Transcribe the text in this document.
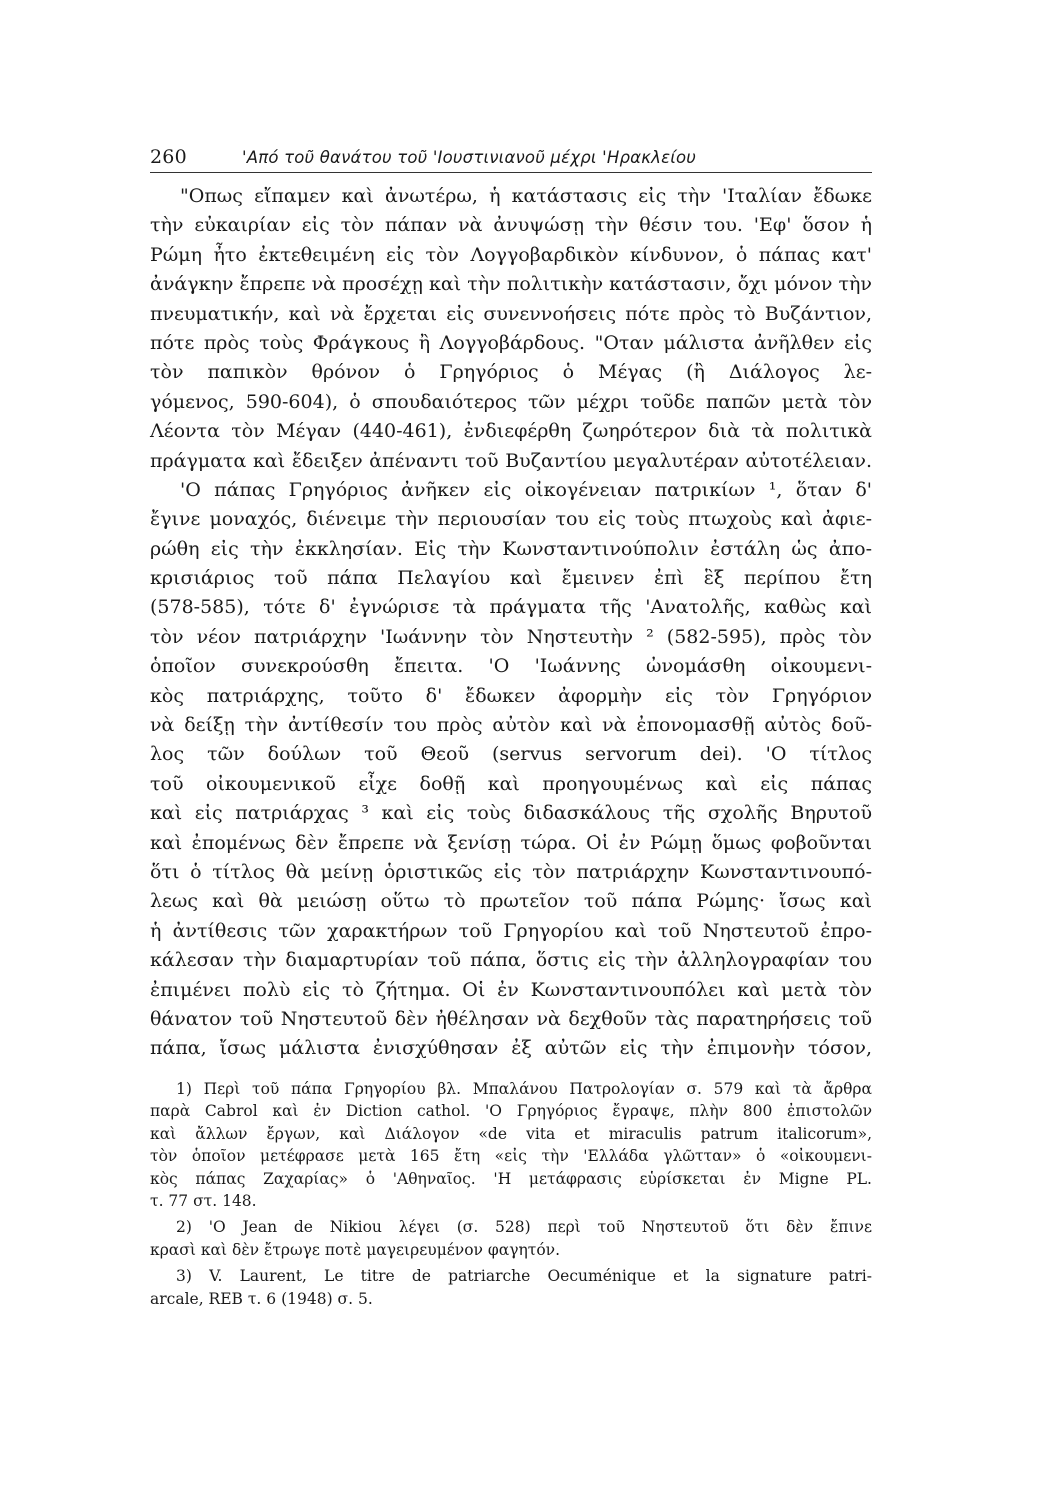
260	'Από τοῦ θανάτου τοῦ 'Ιουστινιανοῦ μέχρι 'Ηρακλείου
"Οπως εἴπαμεν καὶ ἀνωτέρω, ἡ κατάστασις εἰς τὴν 'Ιταλίαν ἔδωκε
τὴν εὐκαιρίαν εἰς τὸν πάπαν νὰ ἀνυψώσῃ τὴν θέσιν του. 'Εφ' ὅσον ἡ
Ρώμη ἦτο ἐκτεθειμένη εἰς τὸν Λογγοβαρδικὸν κίνδυνον, ὁ πάπας κατ'
ἀνάγκην ἔπρεπε νὰ προσέχῃ καὶ τὴν πολιτικὴν κατάστασιν, ὄχι μόνον τὴν
πνευματικήν, καὶ νὰ ἔρχεται εἰς συνεννοήσεις πότε πρὸς τὸ Βυζάντιον,
πότε πρὸς τοὺς Φράγκους ἢ Λογγοβάρδους. "Οταν μάλιστα ἀνῆλθεν εἰς
τὸν παπικὸν θρόνον ὁ Γρηγόριος ὁ Μέγας (ἢ Διάλογος λε-
γόμενος, 590-604), ὁ σπουδαιότερος τῶν μέχρι τοῦδε παπῶν μετὰ τὸν
Λέοντα τὸν Μέγαν (440-461), ἐνδιεφέρθη ζωηρότερον διὰ τὰ πολιτικὰ
πράγματα καὶ ἔδειξεν ἀπέναντι τοῦ Βυζαντίου μεγαλυτέραν αὐτοτέλειαν.
'Ο πάπας Γρηγόριος ἀνῆκεν εἰς οἰκογένειαν πατρικίων ¹, ὅταν δ'
ἔγινε μοναχός, διένειμε τὴν περιουσίαν του εἰς τοὺς πτωχοὺς καὶ ἀφιε-
ρώθη εἰς τὴν ἐκκλησίαν. Εἰς τὴν Κωνσταντινούπολιν ἐστάλη ὡς ἀπο-
κρισιάριος τοῦ πάπα Πελαγίου καὶ ἔμεινεν ἐπὶ ἓξ περίπου ἔτη
(578-585), τότε δ' ἐγνώρισε τὰ πράγματα τῆς 'Ανατολῆς, καθὼς καὶ
τὸν νέον πατριάρχην 'Ιωάννην τὸν Νηστευτὴν ² (582-595), πρὸς τὸν
ὁποῖον συνεκρούσθη ἔπειτα. 'Ο 'Ιωάννης ὠνομάσθη οἰκουμενι-
κὸς πατριάρχης, τοῦτο δ' ἔδωκεν ἀφορμὴν εἰς τὸν Γρηγόριον
νὰ δείξῃ τὴν ἀντίθεσίν του πρὸς αὐτὸν καὶ νὰ ἐπονομασθῇ αὐτὸς δοῦ-
λος τῶν δούλων τοῦ Θεοῦ (servus servorum dei). 'Ο τίτλος
τοῦ οἰκουμενικοῦ εἶχε δοθῇ καὶ προηγουμένως καὶ εἰς πάπας
καὶ εἰς πατριάρχας ³ καὶ εἰς τοὺς διδασκάλους τῆς σχολῆς Βηρυτοῦ
καὶ ἐπομένως δὲν ἔπρεπε νὰ ξενίσῃ τώρα. Οἱ ἐν Ρώμῃ ὅμως φοβοῦνται
ὅτι ὁ τίτλος θὰ μείνῃ ὁριστικῶς εἰς τὸν πατριάρχην Κωνσταντινουπό-
λεως καὶ θὰ μειώσῃ οὕτω τὸ πρωτεῖον τοῦ πάπα Ρώμης· ἴσως καὶ
ἡ ἀντίθεσις τῶν χαρακτήρων τοῦ Γρηγορίου καὶ τοῦ Νηστευτοῦ ἐπρο-
κάλεσαν τὴν διαμαρτυρίαν τοῦ πάπα, ὅστις εἰς τὴν ἀλληλογραφίαν του
ἐπιμένει πολὺ εἰς τὸ ζήτημα. Οἱ ἐν Κωνσταντινουπόλει καὶ μετὰ τὸν
θάνατον τοῦ Νηστευτοῦ δὲν ἠθέλησαν νὰ δεχθοῦν τὰς παρατηρήσεις τοῦ
πάπα, ἴσως μάλιστα ἐνισχύθησαν ἐξ αὐτῶν εἰς τὴν ἐπιμονὴν τόσον,
1) Περὶ τοῦ πάπα Γρηγορίου βλ. Μπαλάνου Πατρολογίαν σ. 579 καὶ τὰ ἄρθρα
παρὰ Cabrol καὶ ἐν Diction cathol. 'Ο Γρηγόριος ἔγραψε, πλὴν 800 ἐπιστολῶν
καὶ ἄλλων ἔργων, καὶ Διάλογον «de vita et miraculis patrum italicorum»,
τὸν ὁποῖον μετέφρασε μετὰ 165 ἔτη «εἰς τὴν 'Ελλάδα γλῶτταν» ὁ «οἰκουμενι-
κὸς πάπας Ζαχαρίας» ὁ 'Αθηναῖος. 'Η μετάφρασις εὑρίσκεται ἐν Migne PL.
τ. 77 στ. 148.
2) 'Ο Jean de Nikiou λέγει (σ. 528) περὶ τοῦ Νηστευτοῦ ὅτι δὲν ἔπινε
κρασὶ καὶ δὲν ἔτρωγε ποτὲ μαγειρευμένον φαγητόν.
3) V. Laurent, Le titre de patriarche Oecuménique et la signature patri-
arcale, REB τ. 6 (1948) σ. 5.
